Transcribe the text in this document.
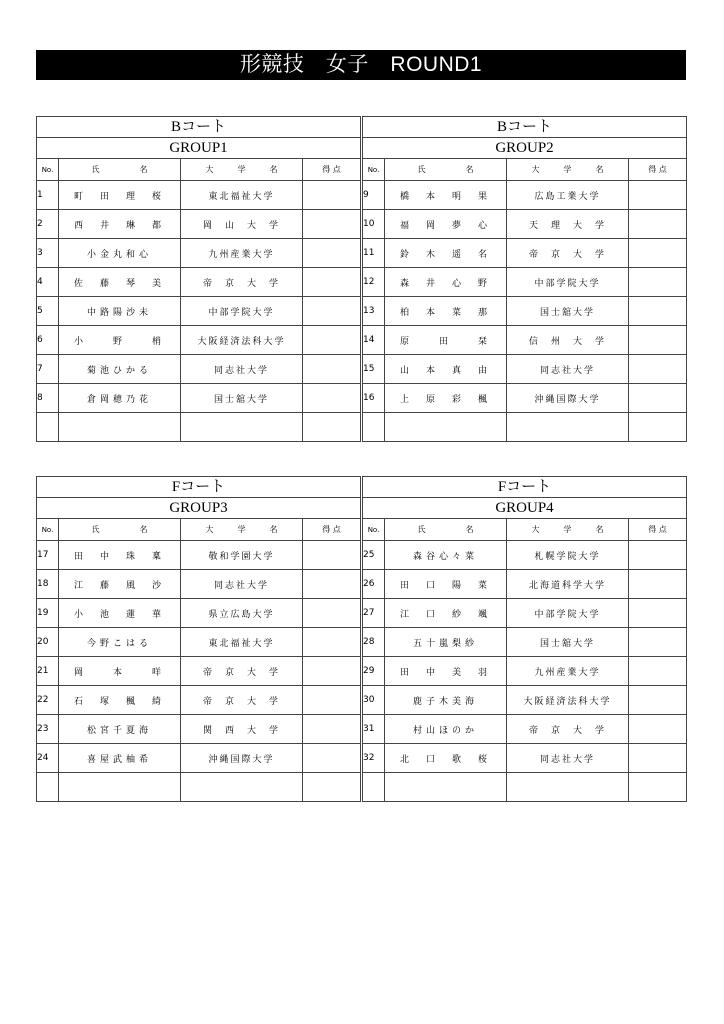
形競技　女子　ROUND1
Bコート			
GROUP1			
No.	氏　名	大　学　名	得 点
1	町　田　理　桜	東北福祉大学	
2	西　井　琳　都	岡　山　大　学	
3	小金丸和心	九州産業大学	
4	佐　藤　琴　美	帝　京　大　学	
5	中路陽沙未	中部学院大学	
6	小　　野　　梢	大阪経済法科大学	
7	菊池ひかる	同志社大学	
8	倉岡穂乃花	国士舘大学	

Bコート			
GROUP2			
No.	氏　名	大　学　名	得 点
9	橋　本　明　果	広島工業大学	
10	福　岡　夢　心	天　理　大　学	
11	鈴　木　遥　名	帝　京　大　学	
12	森　井　心　野	中部学院大学	
13	柏　本　菜　那	国士舘大学	
14	原　　田　　栞	信　州　大　学	
15	山　本　真　由	同志社大学	
16	上　原　彩　楓	沖縄国際大学	

Fコート			
GROUP3			
No.	氏　名	大　学　名	得 点
17	田　中　珠　稟	敬和学園大学	
18	江　藤　風　沙	同志社大学	
19	小　池　蓮　華	県立広島大学	
20	今野こはる	東北福祉大学	
21	岡　　本　　咩	帝　京　大　学	
22	石　塚　楓　綺	帝　京　大　学	
23	松宮千夏海	関　西　大　学	
24	喜屋武柚希	沖縄国際大学	

Fコート			
GROUP4			
No.	氏　名	大　学　名	得 点
25	森谷心々菜	札幌学院大学	
26	田　口　陽　菜	北海道科学大学	
27	江　口　紗　颯	中部学院大学	
28	五十嵐梨紗	国士舘大学	
29	田　中　美　羽	九州産業大学	
30	鹿子木美海	大阪経済法科大学	
31	村山ほのか	帝　京　大　学	
32	北　口　歌　桜	同志社大学	
